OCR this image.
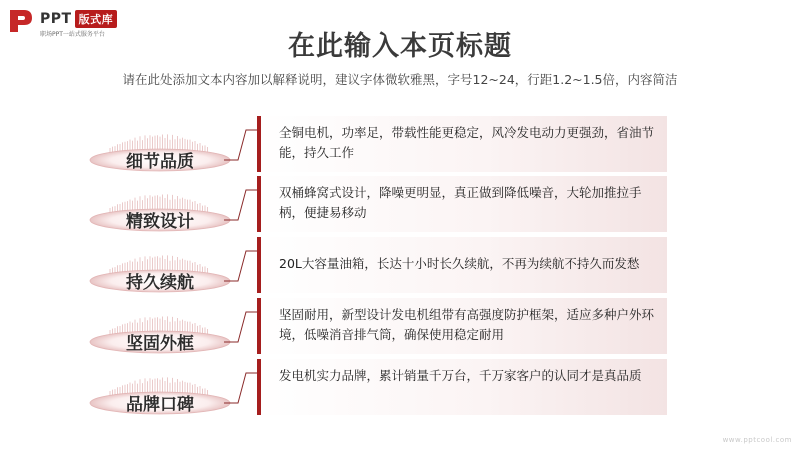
PPT 版式库
职场PPT一站式服务平台	在此输入本页标题
请在此处添加文本内容加以解释说明，建议字体微软雅黑，字号12~24，行距1.2~1.5倍，内容简洁
细节品质
全铜电机，功率足，带载性能更稳定，风冷发电动力更强劲，省油节能，持久工作
精致设计
双桶蜂窝式设计，降噪更明显，真正做到降低噪音，大轮加推拉手柄，便捷易移动
持久续航
20L大容量油箱，长达十小时长久续航，不再为续航不持久而发愁
坚固外框
坚固耐用，新型设计发电机组带有高强度防护框架，适应多种户外环境，低噪消音排气筒，确保使用稳定耐用
品牌口碑
发电机实力品牌，累计销量千万台，千万家客户的认同才是真品质
www.pptcool.com
